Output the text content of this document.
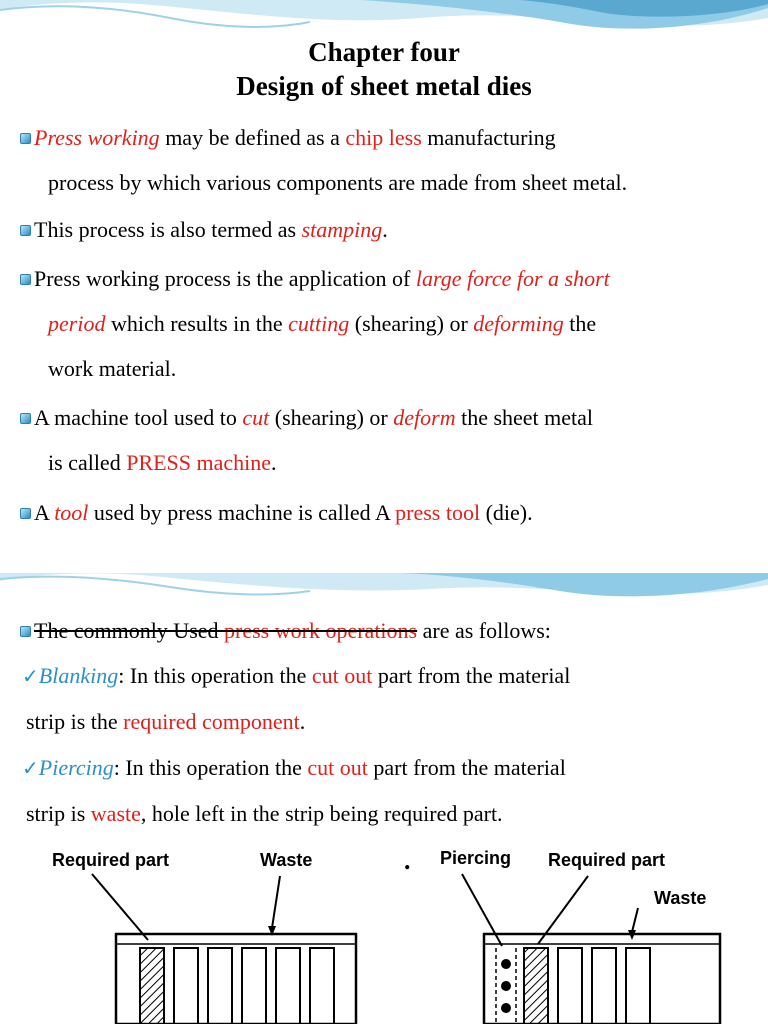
Chapter four
Design of sheet metal dies
Press working may be defined as a chip less manufacturing
process by which various components are made from sheet metal.
This process is also termed as stamping.
Press working process is the application of large force for a short
period which results in the cutting (shearing) or deforming the
work material.
A machine tool used to cut (shearing) or deform the sheet metal
is called PRESS machine.
A tool used by press machine is called A press tool (die).
The commonly Used press work operations are as follows:
✓Blanking: In this operation the cut out part from the material
strip is the required component.
✓Piercing: In this operation the cut out part from the material
strip is waste, hole left in the strip being required part.
Required part	Waste	. Piercing Required part
Waste
